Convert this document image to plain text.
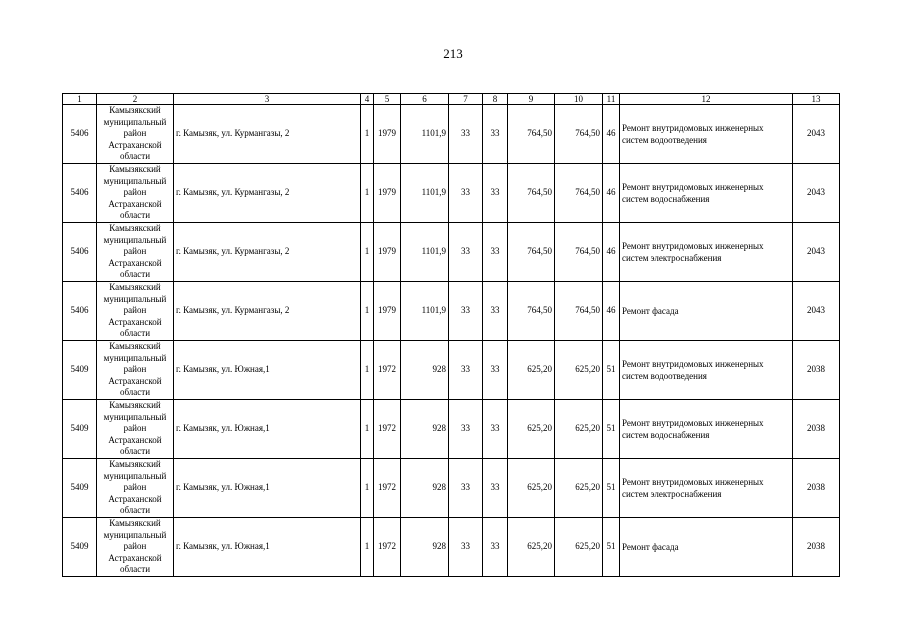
213
1	2	3	4	5	6	7	8	9	10	11	12	13
5406	Камызякский муниципальный район Астраханской области	г. Камызяк, ул. Курмангазы, 2	1	1979	1101,9	33	33	764,50	764,50	46	Ремонт внутридомовых инженерных систем водоотведения	2043
5406	Камызякский муниципальный район Астраханской области	г. Камызяк, ул. Курмангазы, 2	1	1979	1101,9	33	33	764,50	764,50	46	Ремонт внутридомовых инженерных систем водоснабжения	2043
5406	Камызякский муниципальный район Астраханской области	г. Камызяк, ул. Курмангазы, 2	1	1979	1101,9	33	33	764,50	764,50	46	Ремонт внутридомовых инженерных систем электроснабжения	2043
5406	Камызякский муниципальный район Астраханской области	г. Камызяк, ул. Курмангазы, 2	1	1979	1101,9	33	33	764,50	764,50	46	Ремонт фасада	2043
5409	Камызякский муниципальный район Астраханской области	г. Камызяк, ул. Южная,1	1	1972	928	33	33	625,20	625,20	51	Ремонт внутридомовых инженерных систем водоотведения	2038
5409	Камызякский муниципальный район Астраханской области	г. Камызяк, ул. Южная,1	1	1972	928	33	33	625,20	625,20	51	Ремонт внутридомовых инженерных систем водоснабжения	2038
5409	Камызякский муниципальный район Астраханской области	г. Камызяк, ул. Южная,1	1	1972	928	33	33	625,20	625,20	51	Ремонт внутридомовых инженерных систем электроснабжения	2038
5409	Камызякский муниципальный район Астраханской области	г. Камызяк, ул. Южная,1	1	1972	928	33	33	625,20	625,20	51	Ремонт фасада	2038
